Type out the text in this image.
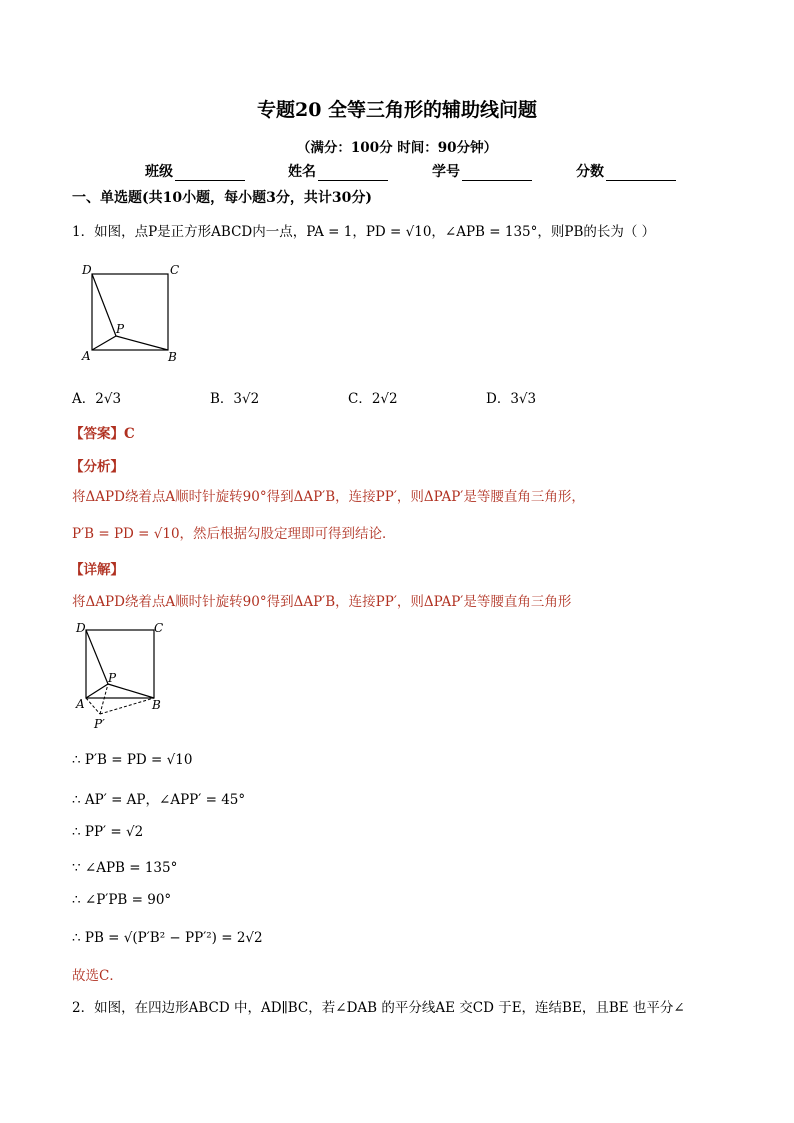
专题20 全等三角形的辅助线问题
（满分：100分 时间：90分钟）
班级	姓名	学号	分数
一、单选题(共10小题，每小题3分，共计30分)
1．如图，点P是正方形ABCD内一点，PA = 1，PD = √10，∠APB = 135°，则PB的长为（ ）
D	C
P
A	B
A．2√3	B．3√2	C．2√2	D．3√3
【答案】C
【分析】
将ΔAPD绕着点A顺时针旋转90°得到ΔAP′B，连接PP′，则ΔPAP′是等腰直角三角形，
P′B = PD = √10，然后根据勾股定理即可得到结论．
【详解】
将ΔAPD绕着点A顺时针旋转90°得到ΔAP′B，连接PP′，则ΔPAP′是等腰直角三角形
D	C
P
A	B
P′
∴ P′B = PD = √10
∴ AP′ = AP，∠APP′ = 45°
∴ PP′ = √2
∵ ∠APB = 135°
∴ ∠P′PB = 90°
∴ PB = √(P′B² − PP′²) = 2√2
故选C．
2．如图，在四边形ABCD 中，AD∥BC，若∠DAB 的平分线AE 交CD 于E，连结BE，且BE 也平分∠
